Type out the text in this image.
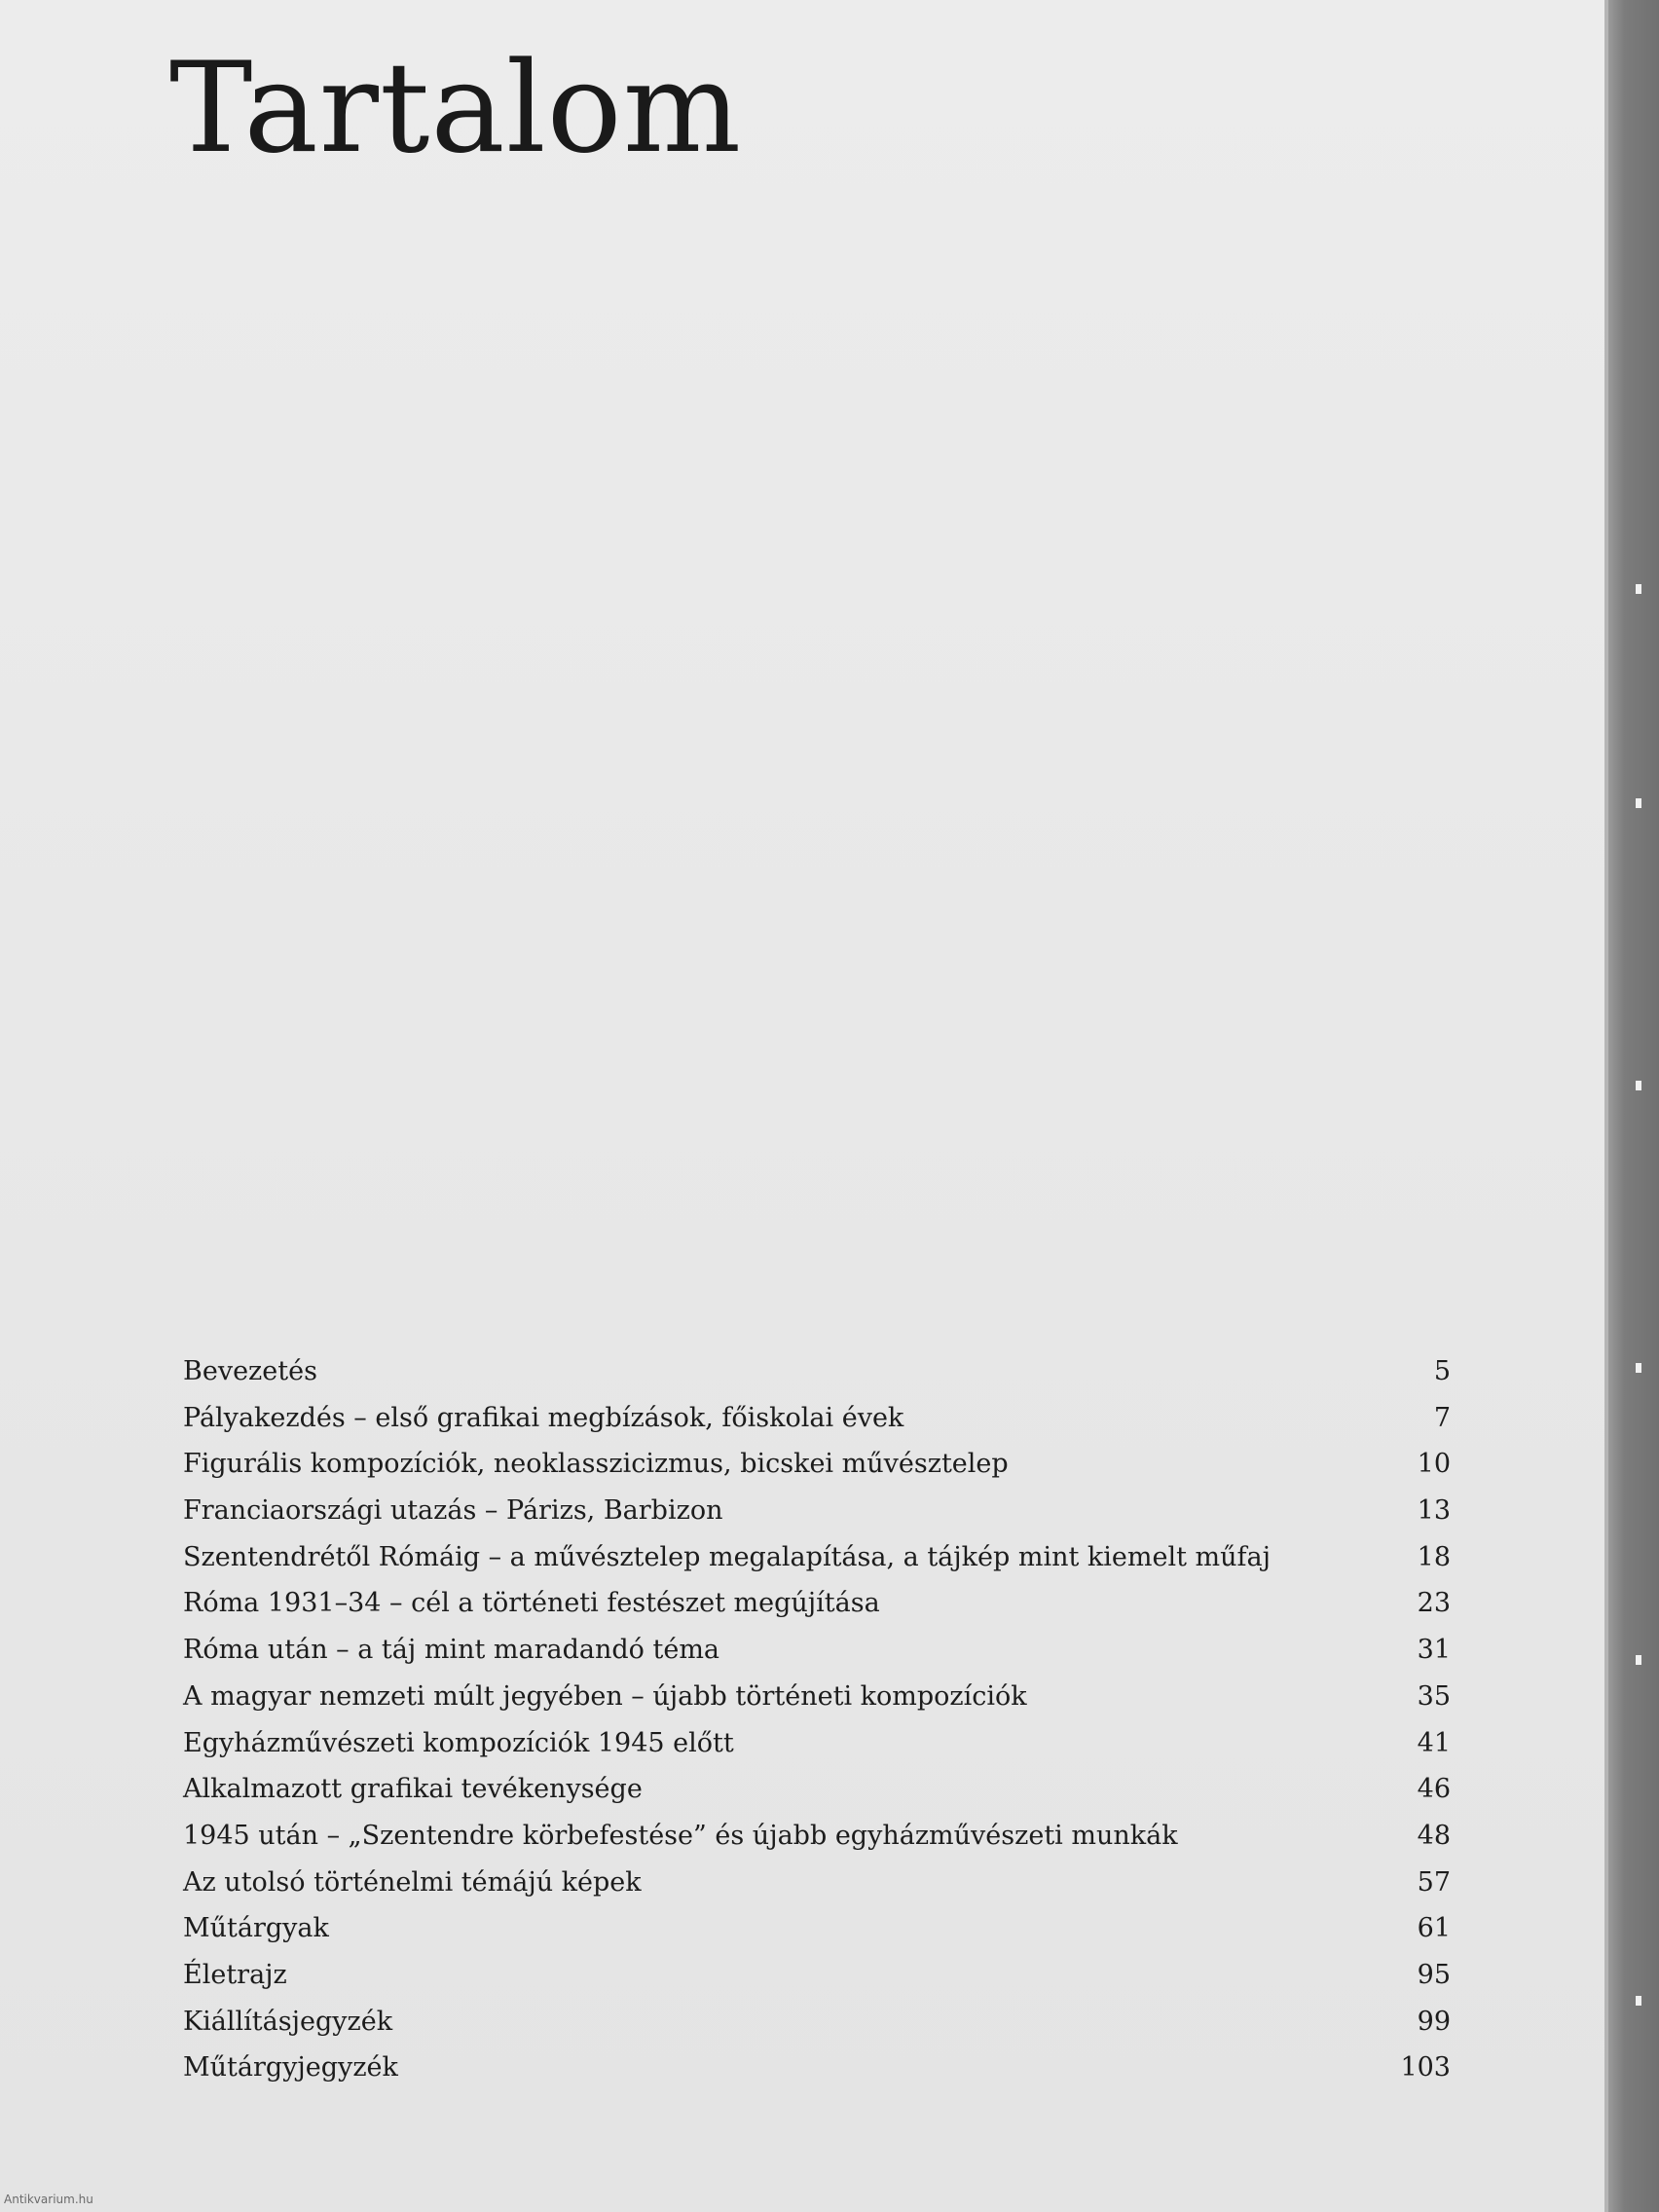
Tartalom
Bevezetés	5
Pályakezdés – első grafikai megbízások, főiskolai évek	7
Figurális kompozíciók, neoklasszicizmus, bicskei művésztelep	10
Franciaországi utazás – Párizs, Barbizon	13
Szentendrétől Rómáig – a művésztelep megalapítása, a tájkép mint kiemelt műfaj	18
Róma 1931–34 – cél a történeti festészet megújítása	23
Róma után – a táj mint maradandó téma	31
A magyar nemzeti múlt jegyében – újabb történeti kompozíciók	35
Egyházművészeti kompozíciók 1945 előtt	41
Alkalmazott grafikai tevékenysége	46
1945 után – „Szentendre körbefestése” és újabb egyházművészeti munkák	48
Az utolsó történelmi témájú képek	57
Műtárgyak	61
Életrajz	95
Kiállításjegyzék	99
Műtárgyjegyzék	103
Antikvarium.hu
